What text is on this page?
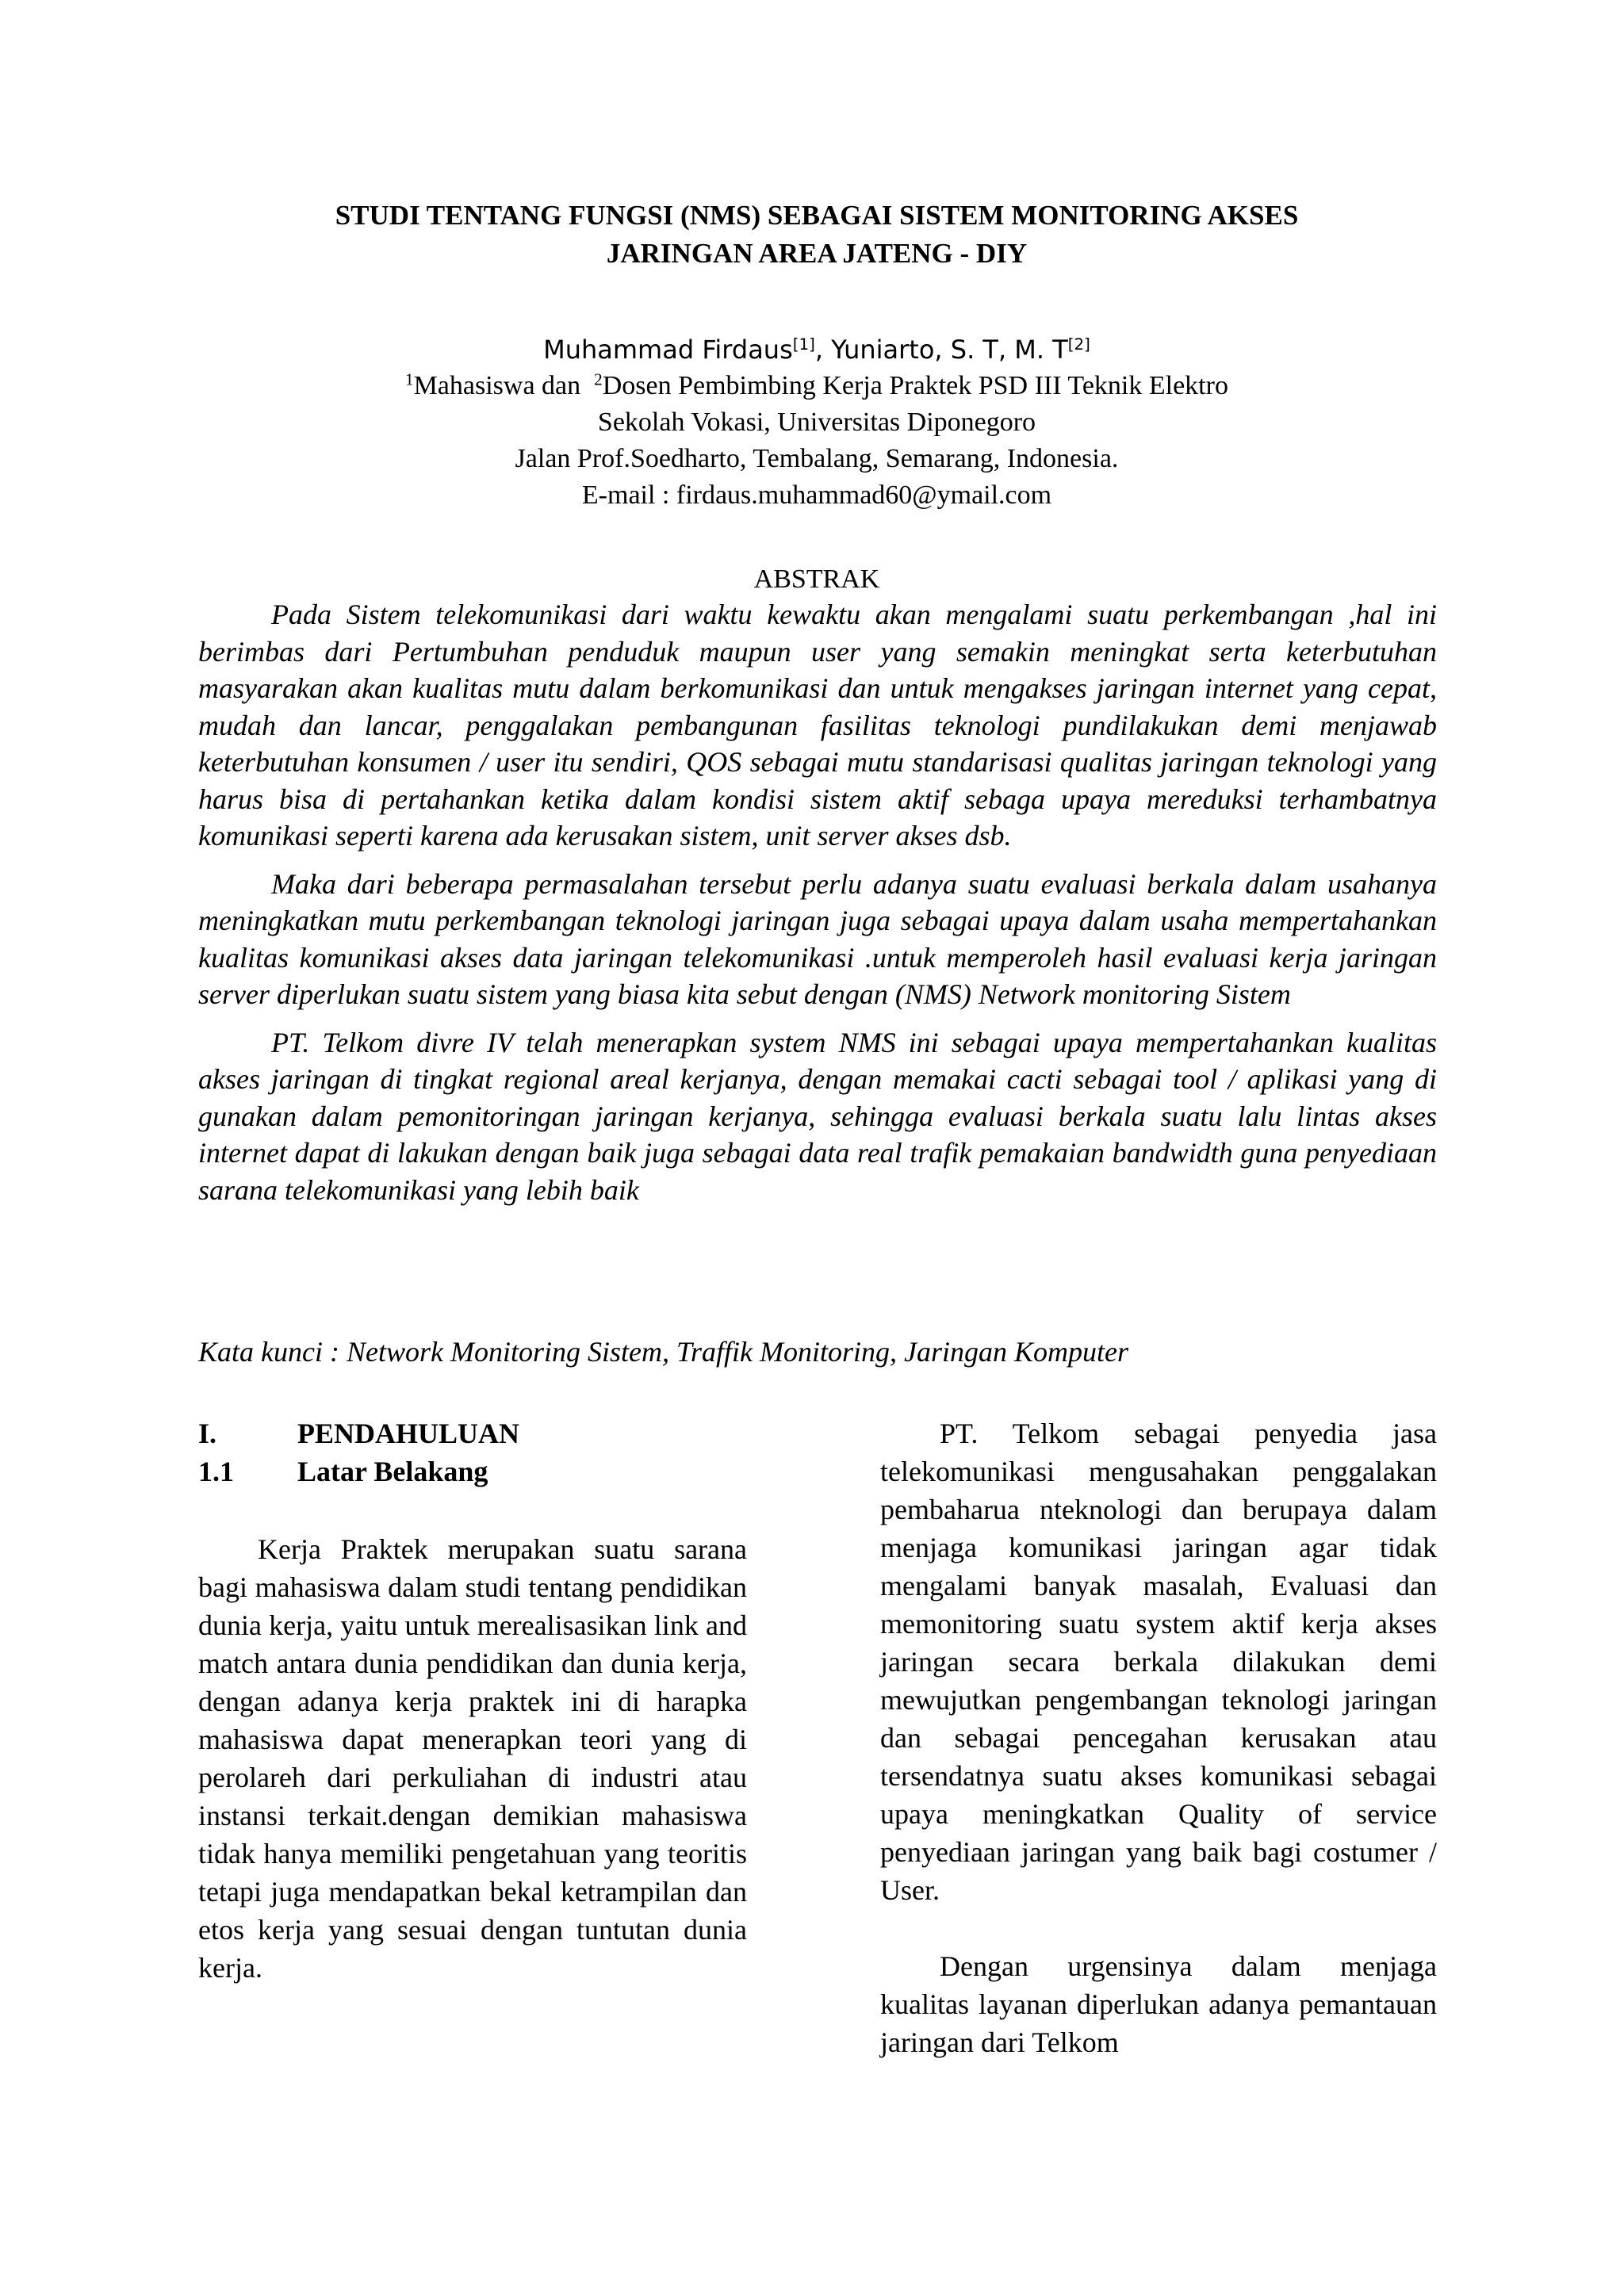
STUDI TENTANG FUNGSI (NMS) SEBAGAI SISTEM MONITORING AKSES
JARINGAN AREA JATENG - DIY
Muhammad Firdaus[1], Yuniarto, S. T, M. T[2]
$^1$Mahasiswa dan  $^2$Dosen Pembimbing Kerja Praktek PSD III Teknik Elektro
Sekolah Vokasi, Universitas Diponegoro
Jalan Prof.Soedharto, Tembalang, Semarang, Indonesia.
E-mail : firdaus.muhammad60@ymail.com
ABSTRAK

Pada Sistem telekomunikasi dari waktu kewaktu akan mengalami suatu perkembangan ,hal ini berimbas dari Pertumbuhan penduduk maupun user yang semakin meningkat serta keterbutuhan masyarakan akan kualitas mutu dalam berkomunikasi dan untuk mengakses jaringan internet yang cepat, mudah dan lancar, penggalakan pembangunan fasilitas teknologi pundilakukan demi menjawab keterbutuhan konsumen / user itu sendiri, QOS sebagai mutu standarisasi qualitas jaringan teknologi yang harus bisa di pertahankan ketika dalam kondisi sistem aktif sebaga upaya mereduksi terhambatnya komunikasi seperti karena ada kerusakan sistem, unit server akses dsb.

Maka dari beberapa permasalahan tersebut perlu adanya suatu evaluasi berkala dalam usahanya meningkatkan mutu perkembangan teknologi jaringan juga sebagai upaya dalam usaha mempertahankan kualitas komunikasi akses data jaringan telekomunikasi .untuk memperoleh hasil evaluasi kerja jaringan server diperlukan suatu sistem yang biasa kita sebut dengan (NMS) Network monitoring Sistem

PT. Telkom divre IV telah menerapkan system NMS ini sebagai upaya mempertahankan kualitas akses jaringan di tingkat regional areal kerjanya, dengan memakai cacti sebagai tool / aplikasi yang di gunakan dalam pemonitoringan jaringan kerjanya, sehingga evaluasi berkala suatu lalu lintas akses internet dapat di lakukan dengan baik juga sebagai data real trafik pemakaian bandwidth guna penyediaan sarana telekomunikasi yang lebih baik

Kata kunci : Network Monitoring Sistem, Traffik Monitoring, Jaringan Komputer
I.	PENDAHULUAN
1.1 Latar Belakang
Kerja Praktek merupakan suatu sarana bagi mahasiswa dalam studi tentang pendidikan dunia kerja, yaitu untuk merealisasikan link and match antara dunia pendidikan dan dunia kerja, dengan adanya kerja praktek ini di harapka mahasiswa dapat menerapkan teori yang di perolareh dari perkuliahan di industri atau instansi terkait.dengan demikian mahasiswa tidak hanya memiliki pengetahuan yang teoritis tetapi juga mendapatkan bekal ketrampilan dan etos kerja yang sesuai dengan tuntutan dunia kerja.

PT. Telkom sebagai penyedia jasa telekomunikasi mengusahakan penggalakan pembaharua nteknologi dan berupaya dalam menjaga komunikasi jaringan agar tidak mengalami banyak masalah, Evaluasi dan memonitoring suatu system aktif kerja akses jaringan secara berkala dilakukan demi mewujutkan pengembangan teknologi jaringan dan sebagai pencegahan kerusakan atau tersendatnya suatu akses komunikasi sebagai upaya meningkatkan Quality of service penyediaan jaringan yang baik bagi costumer / User.

Dengan urgensinya dalam menjaga kualitas layanan diperlukan adanya pemantauan jaringan dari Telkom
